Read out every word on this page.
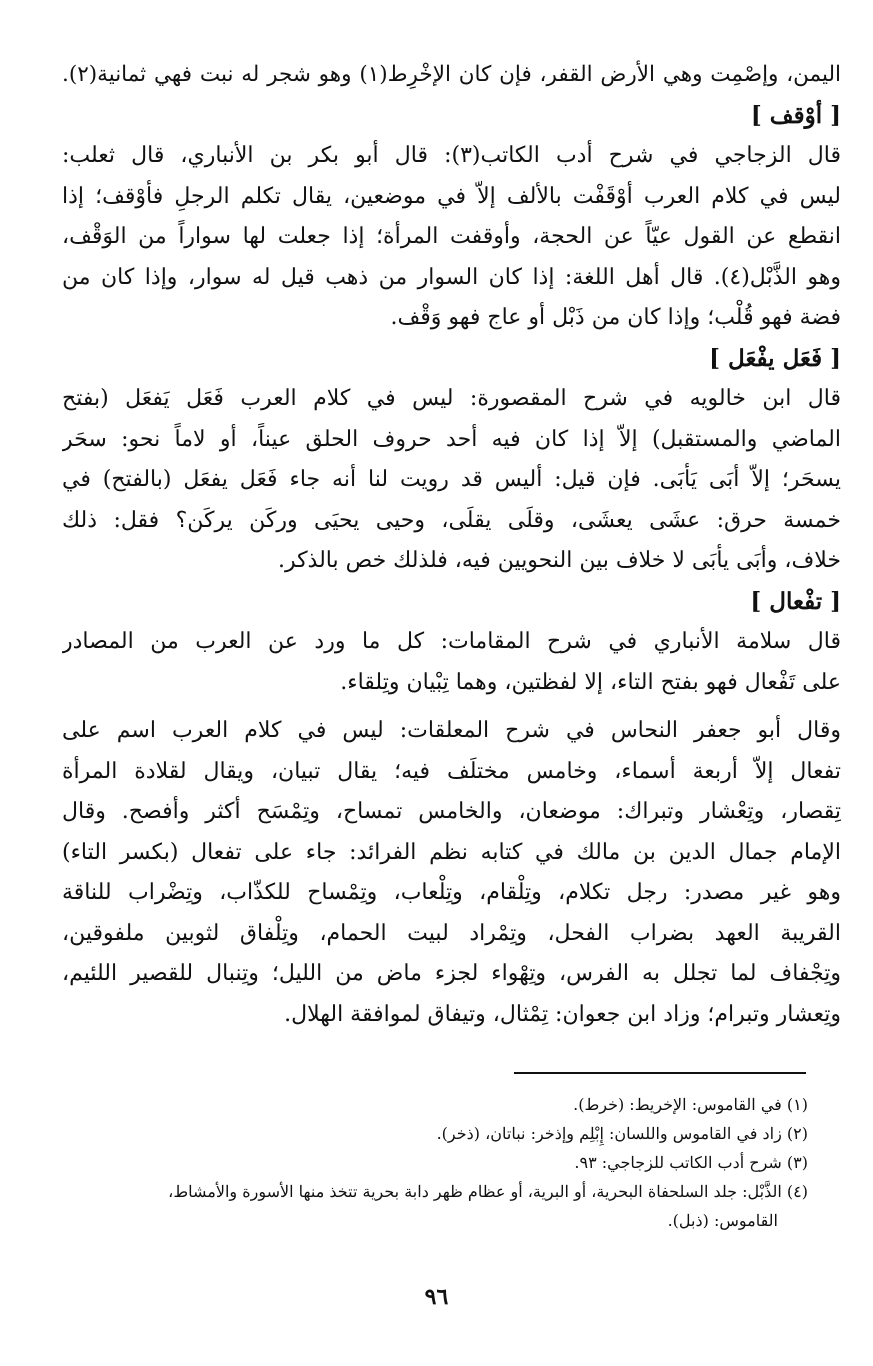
اليمن، وإصْمِت وهي الأرض القفر، فإن كان الإخْرِط(١) وهو شجر له نبت فهي ثمانية(٢).
[ أوْقف ]
قال الزجاجي في شرح أدب الكاتب(٣): قال أبو بكر بن الأنباري، قال ثعلب:
ليس في كلام العرب أوْقَفْت بالألف إلاّ في موضعين، يقال تكلم الرجلِ فأوْقف؛ إذا
انقطع عن القول عيّاً عن الحجة، وأوقفت المرأة؛ إذا جعلت لها سواراً من الوَقْف،
وهو الذَّبْل(٤). قال أهل اللغة: إذا كان السوار من ذهب قيل له سوار، وإذا كان من
فضة فهو قُلْب؛ وإذا كان من ذَبْل أو عاج فهو وَقْف.
[ فَعَل يفْعَل ]
قال ابن خالويه في شرح المقصورة: ليس في كلام العرب فَعَل يَفعَل (بفتح
الماضي والمستقبل) إلاّ إذا كان فيه أحد حروف الحلق عيناً، أو لاماً نحو: سحَر
يسحَر؛ إلاّ أبَى يَأبَى. فإن قيل: أليس قد رويت لنا أنه جاء فَعَل يفعَل (بالفتح) في
خمسة حرق: عشَى يعشَى، وقلَى يقلَى، وحيى يحيَى وركَن يركَن؟ فقل: ذلك
خلاف، وأبَى يأبَى لا خلاف بين النحويين فيه، فلذلك خص بالذكر.
[ تفْعال ]
قال سلامة الأنباري في شرح المقامات: كل ما ورد عن العرب من المصادر
على تَفْعال فهو بفتح التاء، إلا لفظتين، وهما تِبْيان وتِلقاء.
وقال أبو جعفر النحاس في شرح المعلقات: ليس في كلام العرب اسم على
تفعال إلاّ أربعة أسماء، وخامس مختلَف فيه؛ يقال تبيان، ويقال لقلادة المرأة
تِقصار، وتِعْشار وتبراك: موضعان، والخامس تمساح، وتِمْسَح أكثر وأفصح. وقال
الإمام جمال الدين بن مالك في كتابه نظم الفرائد: جاء على تفعال (بكسر التاء)
وهو غير مصدر: رجل تكلام، وتِلْقام، وتِلْعاب، وتِمْساح للكذّاب، وتِضْراب للناقة
القريبة العهد بضراب الفحل، وتِمْراد لبيت الحمام، وتِلْفاق لثوبين ملفوقين،
وتِجْفاف لما تجلل به الفرس، وتِهْواء لجزء ماض من الليل؛ وتِنبال للقصير اللئيم،
وتِعشار وتبرام؛ وزاد ابن جعوان: تِمْثال، وتيفاق لموافقة الهلال.
(١) في القاموس: الإخريط: (خرط).
(٢) زاد في القاموس واللسان: إِبْلِم وإذخر: نباتان، (ذخر).
(٣) شرح أدب الكاتب للزجاجي: ٩٣.
(٤) الذَّبْل: جلد السلحفاة البحرية، أو البرية، أو عظام ظهر دابة بحرية تتخذ منها الأسورة والأمشاط،
القاموس: (ذبل).
٩٦
